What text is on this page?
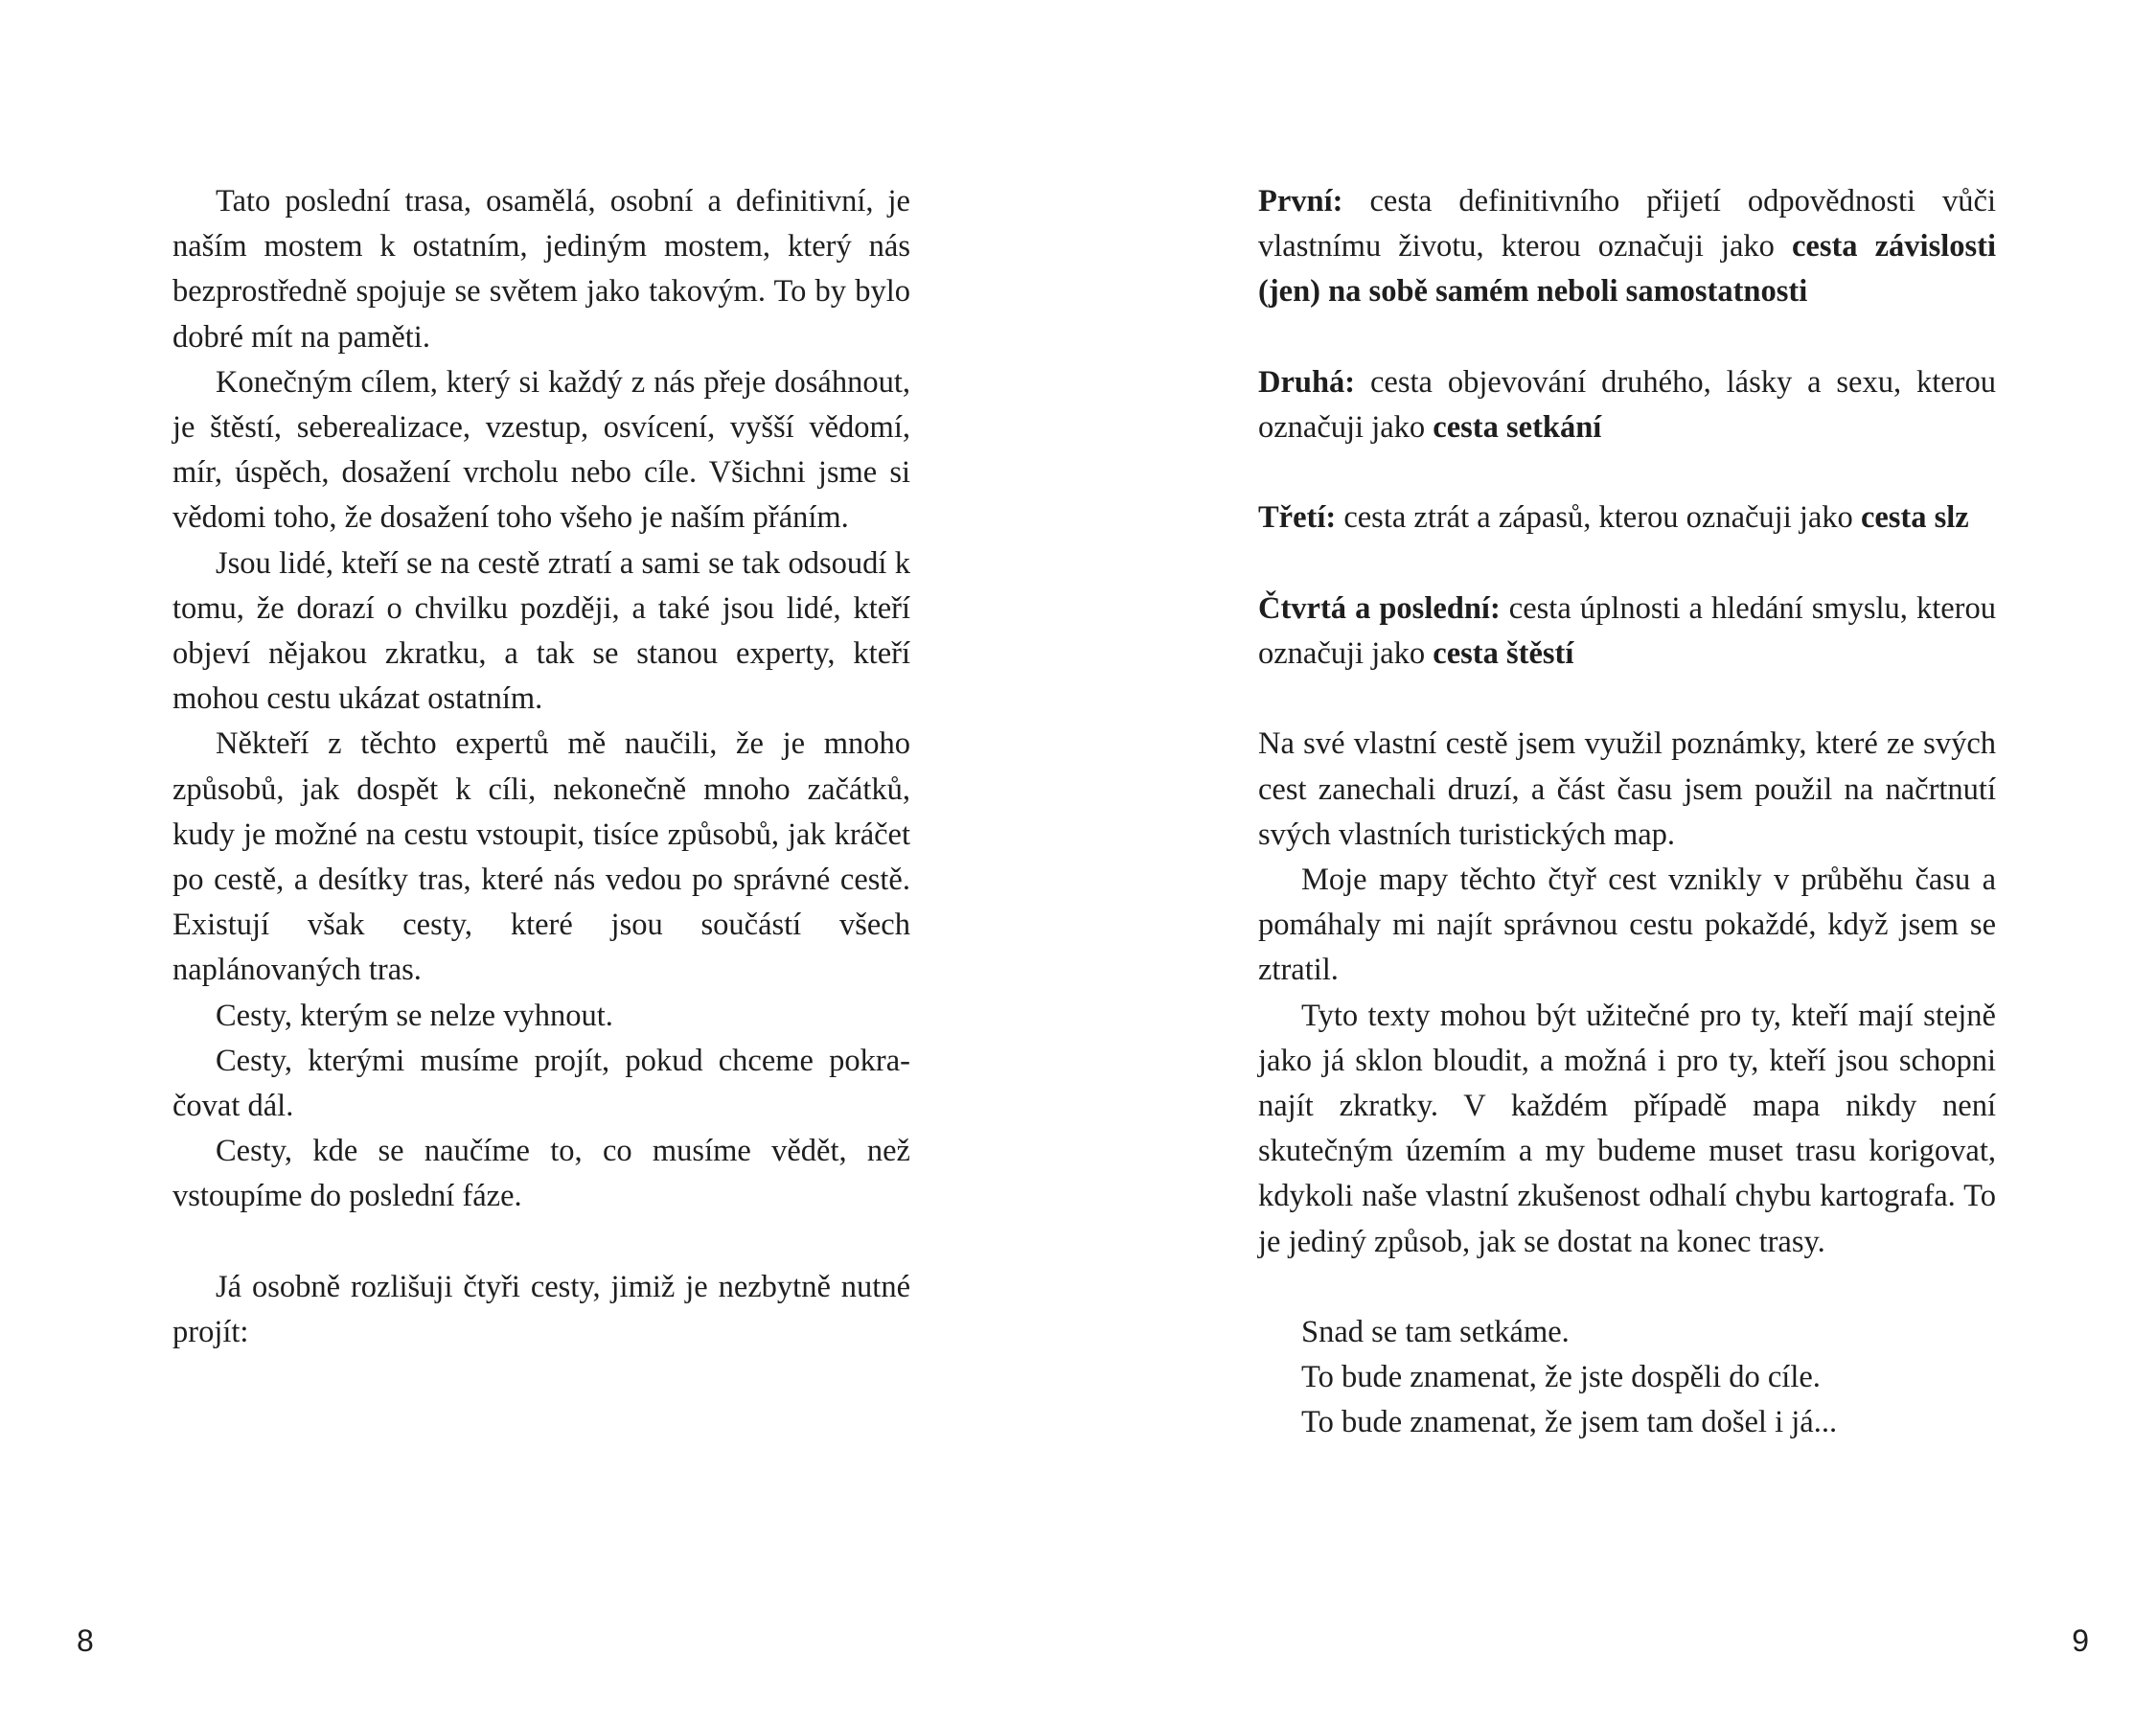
Tato poslední trasa, osamělá, osobní a definitivní, je naším mostem k ostatním, jediným mostem, který nás bezprostředně spojuje se světem jako takovým. To by bylo dobré mít na paměti.

Konečným cílem, který si každý z nás přeje dosáhnout, je štěstí, seberealizace, vzestup, osvícení, vyšší vědomí, mír, úspěch, dosažení vrcholu nebo cíle. Všichni jsme si vědomi toho, že dosažení toho všeho je naším přáním.

Jsou lidé, kteří se na cestě ztratí a sami se tak odsoudí k tomu, že dorazí o chvilku později, a také jsou lidé, kteří objeví nějakou zkratku, a tak se stanou experty, kteří mohou cestu ukázat ostatním.

Někteří z těchto expertů mě naučili, že je mnoho způsobů, jak dospět k cíli, nekonečně mnoho začátků, kudy je možné na cestu vstoupit, tisíce způsobů, jak kráčet po cestě, a desítky tras, které nás vedou po správné cestě. Existují však cesty, které jsou součástí všech naplánovaných tras.

Cesty, kterým se nelze vyhnout.

Cesty, kterými musíme projít, pokud chceme pokračovat dál.

Cesty, kde se naučíme to, co musíme vědět, než vstoupíme do poslední fáze.

Já osobně rozlišuji čtyři cesty, jimiž je nezbytně nutné projít:

8

První: cesta definitivního přijetí odpovědnosti vůči vlastnímu životu, kterou označuji jako cesta závislosti (jen) na sobě samém neboli samostatnosti

Druhá: cesta objevování druhého, lásky a sexu, kterou označuji jako cesta setkání

Třetí: cesta ztrát a zápasů, kterou označuji jako cesta slz

Čtvrtá a poslední: cesta úplnosti a hledání smyslu, kterou označuji jako cesta štěstí

Na své vlastní cestě jsem využil poznámky, které ze svých cest zanechali druzí, a část času jsem použil na načrtnutí svých vlastních turistických map.

Moje mapy těchto čtyř cest vznikly v průběhu času a pomáhaly mi najít správnou cestu pokaždé, když jsem se ztratil.

Tyto texty mohou být užitečné pro ty, kteří mají stejně jako já sklon bloudit, a možná i pro ty, kteří jsou schopni najít zkratky. V každém případě mapa nikdy není skutečným územím a my budeme muset trasu korigovat, kdykoli naše vlastní zkušenost odhalí chybu kartografa. To je jediný způsob, jak se dostat na konec trasy.

Snad se tam setkáme.

To bude znamenat, že jste dospěli do cíle.

To bude znamenat, že jsem tam došel i já...

9
